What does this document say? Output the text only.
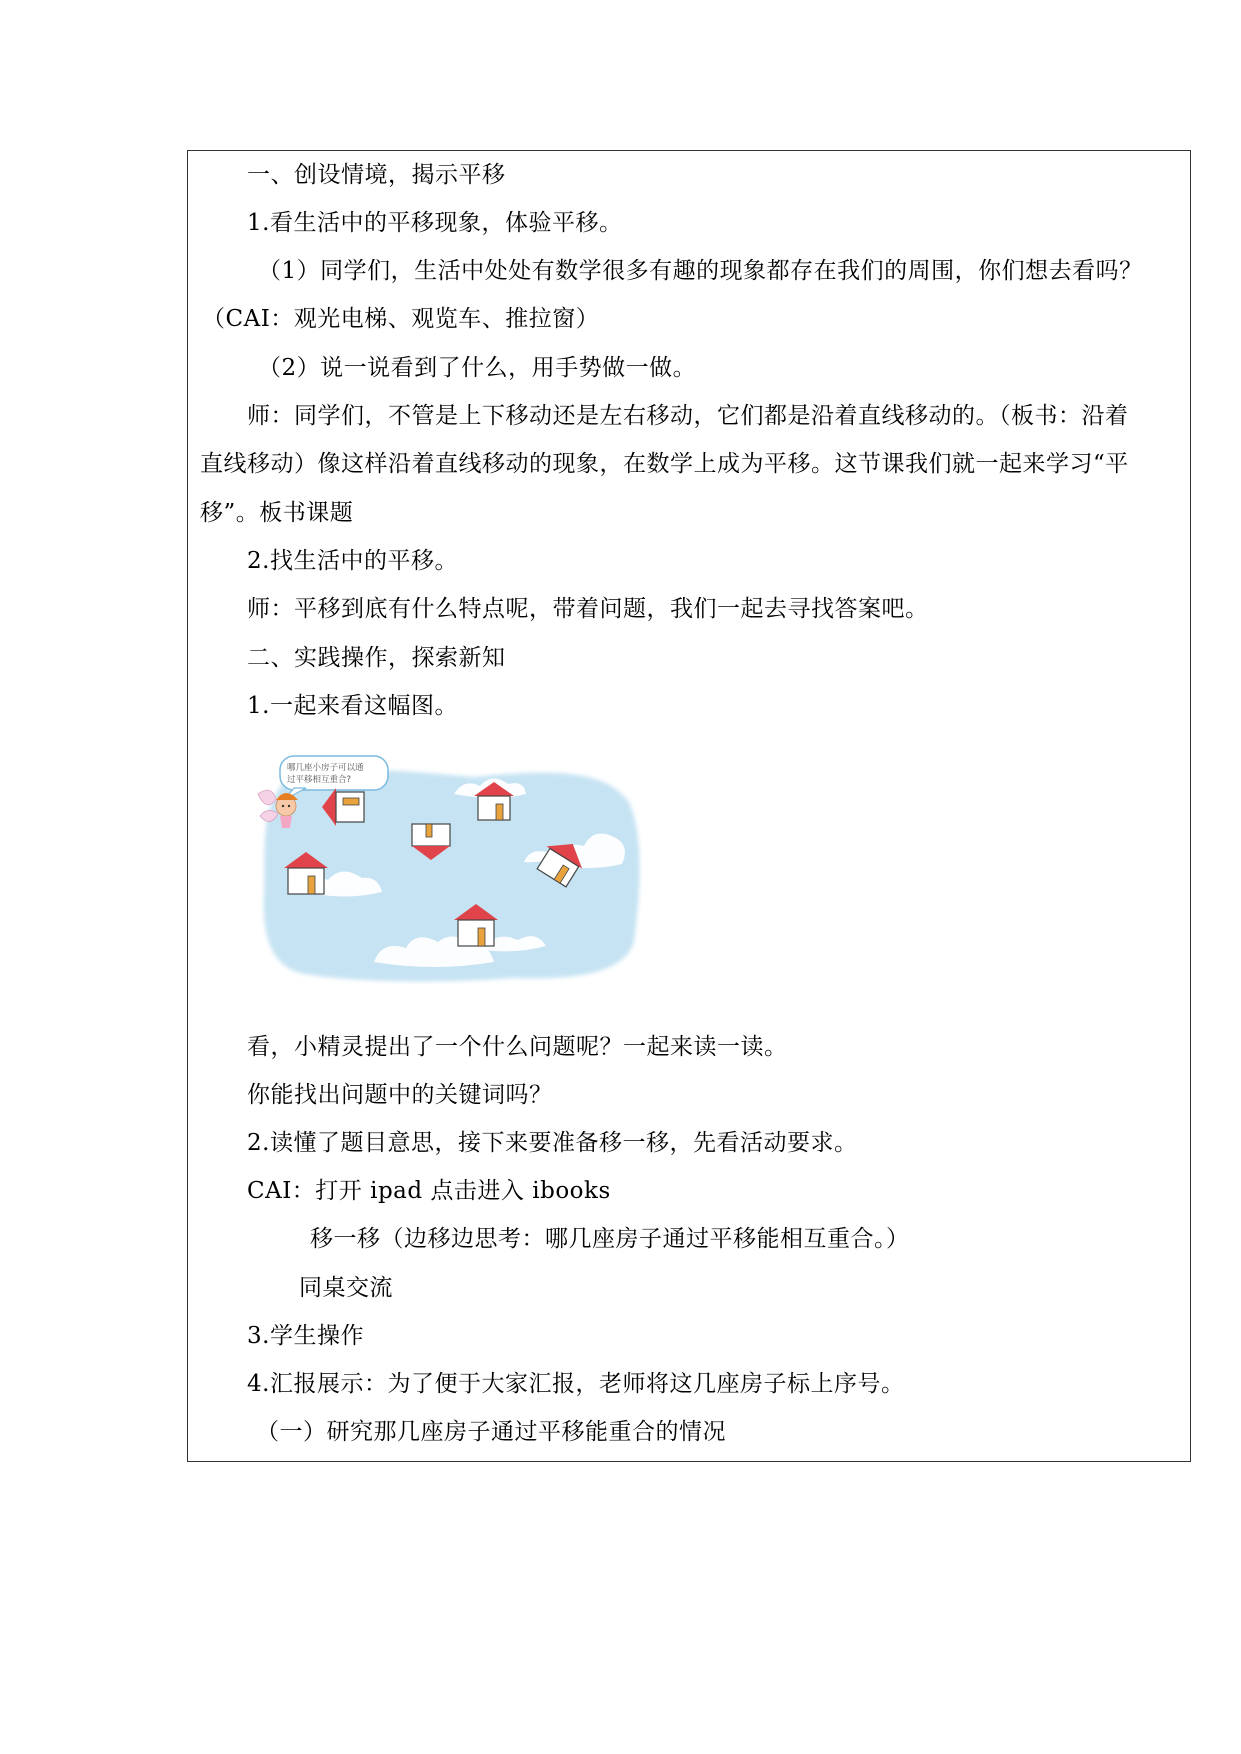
一、创设情境，揭示平移
1.看生活中的平移现象，体验平移。
（1）同学们，生活中处处有数学很多有趣的现象都存在我们的周围，你们想去看吗？
（CAI：观光电梯、观览车、推拉窗）
（2）说一说看到了什么，用手势做一做。
师：同学们，不管是上下移动还是左右移动，它们都是沿着直线移动的。（板书：沿着
直线移动）像这样沿着直线移动的现象，在数学上成为平移。这节课我们就一起来学习“平
移”。板书课题
2.找生活中的平移。
师：平移到底有什么特点呢，带着问题，我们一起去寻找答案吧。
二、实践操作，探索新知
1.一起来看这幅图。
哪几座小房子可以通
过平移相互重合?
看，小精灵提出了一个什么问题呢？一起来读一读。
你能找出问题中的关键词吗？
2.读懂了题目意思，接下来要准备移一移，先看活动要求。
CAI：打开 ipad 点击进入 ibooks
移一移（边移边思考：哪几座房子通过平移能相互重合。）
同桌交流
3.学生操作
4.汇报展示：为了便于大家汇报，老师将这几座房子标上序号。
（一）研究那几座房子通过平移能重合的情况
